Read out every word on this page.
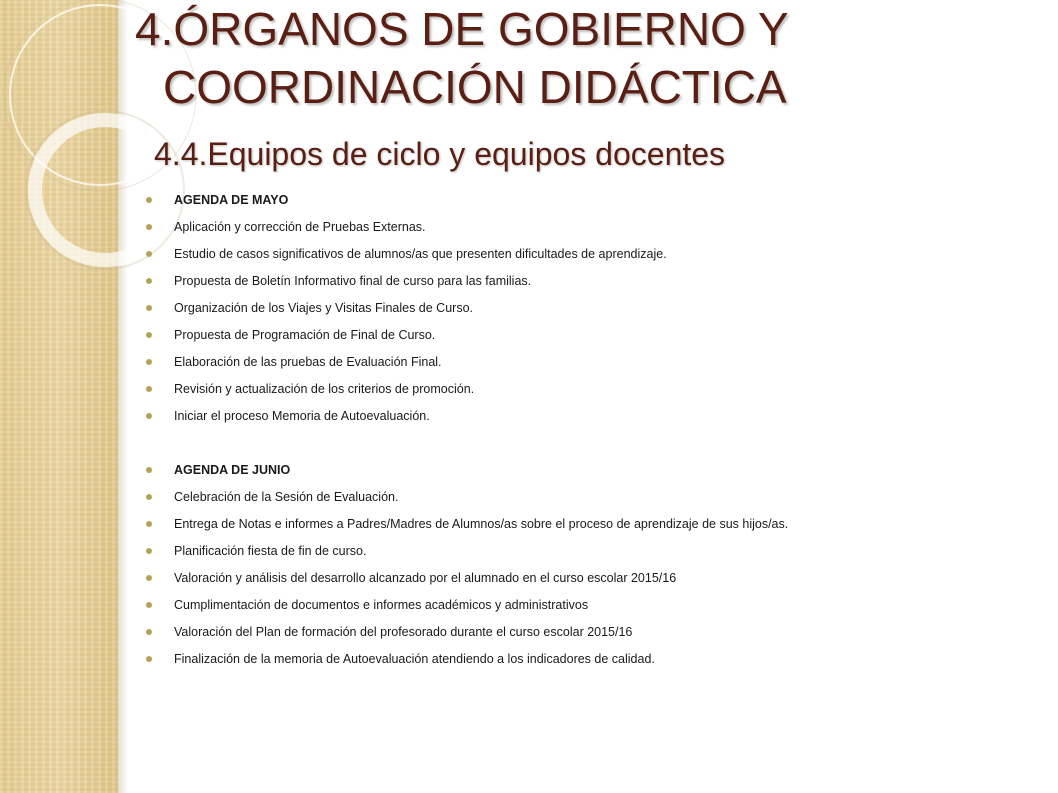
4.ÓRGANOS DE GOBIERNO Y
COORDINACIÓN DIDÁCTICA
4.4.Equipos de ciclo y equipos docentes
AGENDA DE MAYO
Aplicación y corrección de Pruebas Externas.
Estudio de casos significativos de alumnos/as que presenten dificultades de aprendizaje.
Propuesta de Boletín Informativo final de curso para las familias.
Organización de los Viajes y Visitas Finales de Curso.
Propuesta de Programación de Final de Curso.
Elaboración de las pruebas de Evaluación Final.
Revisión y actualización de los criterios de promoción.
Iniciar el proceso Memoria de Autoevaluación.
AGENDA DE JUNIO
Celebración de la Sesión de Evaluación.
Entrega de Notas e informes a Padres/Madres de Alumnos/as sobre el proceso de aprendizaje de sus hijos/as.
Planificación fiesta de fin de curso.
Valoración y análisis del desarrollo alcanzado por el alumnado en el curso escolar 2015/16
Cumplimentación de documentos e informes académicos y administrativos
Valoración del Plan de formación del profesorado durante el curso escolar 2015/16
Finalización de la memoria de Autoevaluación atendiendo a los indicadores de calidad.
